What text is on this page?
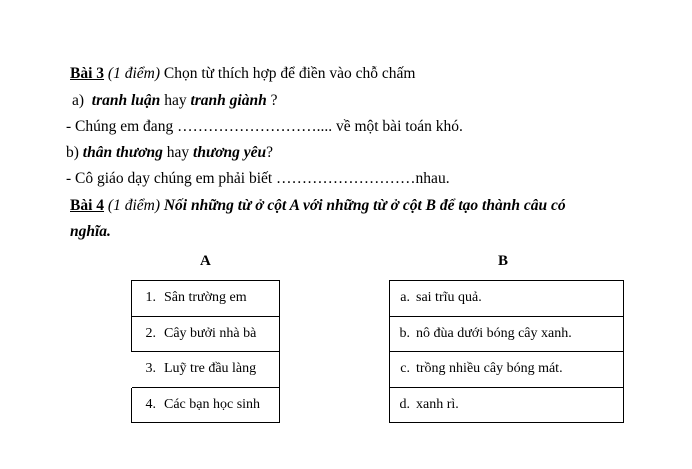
Bài 3 (1 điểm) Chọn từ thích hợp để điền vào chỗ chấm
a) tranh luận hay tranh giành ?
- Chúng em đang ……………………….... về một bài toán khó.
b) thân thương hay thương yêu?
- Cô giáo dạy chúng em phải biết ………………………nhau.
Bài 4 (1 điểm) Nối những từ ở cột A với những từ ở cột B để tạo thành câu có
nghĩa.
A	B
1. Sân trường em
2. Cây bưởi nhà bà
3. Luỹ tre đầu làng
4. Các bạn học sinh
a. sai trĩu quả.
b. nô đùa dưới bóng cây xanh.
c. trồng nhiều cây bóng mát.
d. xanh rì.
